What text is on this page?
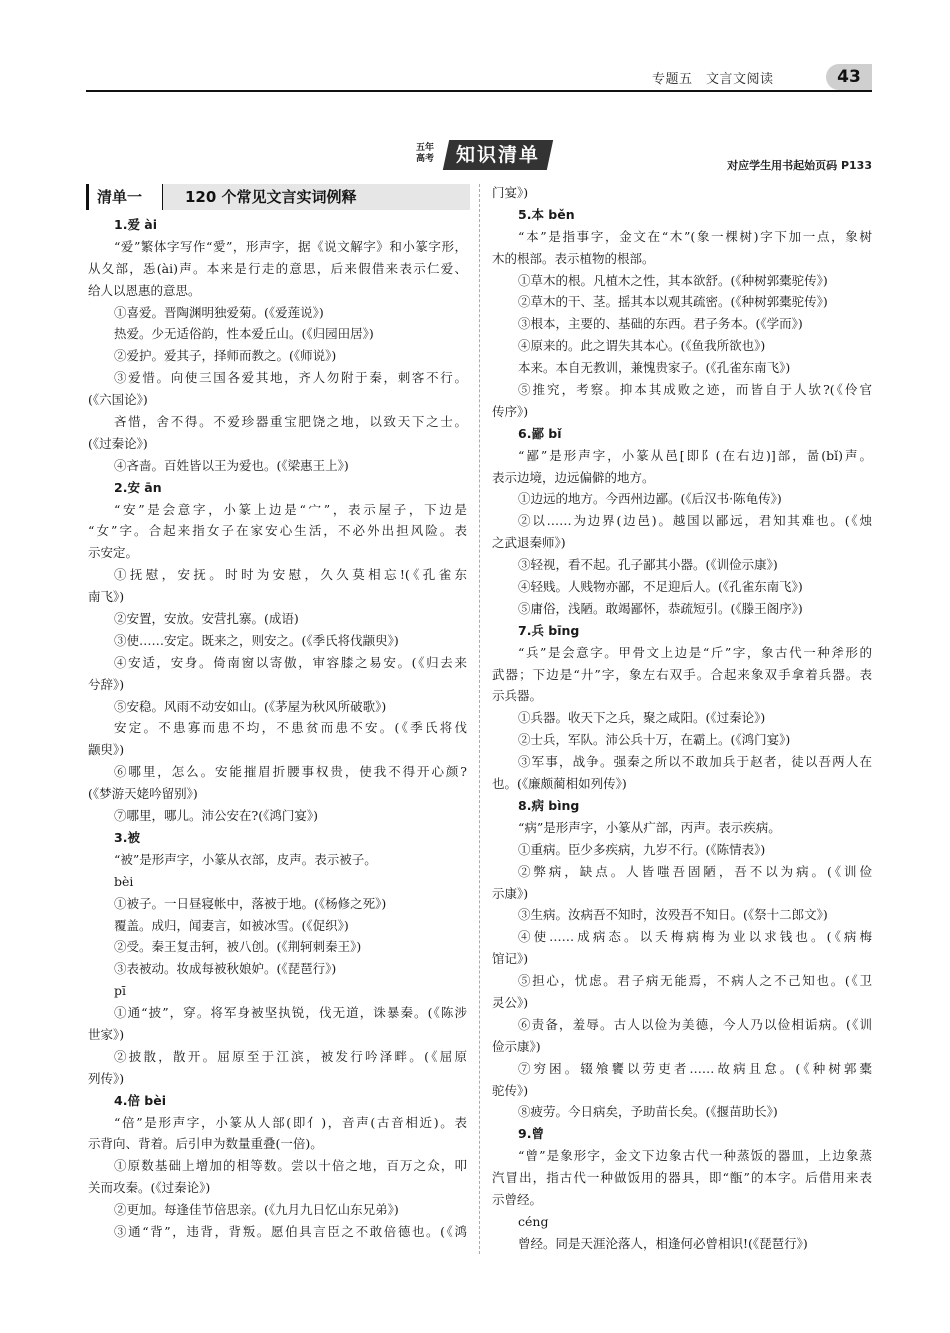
专题五　文言文阅读	43
五年
高考	知识清单	对应学生用书起始页码 P133
清单一	120 个常见文言实词例释
1.爱 ài
“爱”繁体字写作“愛”，形声字，据《说文解字》和小篆字形，
从夂部，㤅(ài)声。本来是行走的意思，后来假借来表示仁爱、
给人以恩惠的意思。
①喜爱。晋陶渊明独爱菊。(《爱莲说》)
热爱。少无适俗韵，性本爱丘山。(《归园田居》)
②爱护。爱其子，择师而教之。(《师说》)
③爱惜。向使三国各爱其地，齐人勿附于秦，刺客不行。
(《六国论》)
吝惜，舍不得。不爱珍器重宝肥饶之地，以致天下之士。
(《过秦论》)
④吝啬。百姓皆以王为爱也。(《梁惠王上》)
2.安 ān
“安”是会意字，小篆上边是“宀”，表示屋子，下边是
“女”字。合起来指女子在家安心生活，不必外出担风险。表
示安定。
①抚慰，安抚。时时为安慰，久久莫相忘!(《孔雀东
南飞》)
②安置，安放。安营扎寨。(成语)
③使……安定。既来之，则安之。(《季氏将伐颛臾》)
④安适，安身。倚南窗以寄傲，审容膝之易安。(《归去来
兮辞》)
⑤安稳。风雨不动安如山。(《茅屋为秋风所破歌》)
安定。不患寡而患不均，不患贫而患不安。(《季氏将伐
颛臾》)
⑥哪里，怎么。安能摧眉折腰事权贵，使我不得开心颜?
(《梦游天姥吟留别》)
⑦哪里，哪儿。沛公安在?(《鸿门宴》)
3.被
“被”是形声字，小篆从衣部，皮声。表示被子。
bèi
①被子。一日昼寝帐中，落被于地。(《杨修之死》)
覆盖。成归，闻妻言，如被冰雪。(《促织》)
②受。秦王复击轲，被八创。(《荆轲刺秦王》)
③表被动。妆成每被秋娘妒。(《琵琶行》)
pī
①通“披”，穿。将军身被坚执锐，伐无道，诛暴秦。(《陈涉
世家》)
②披散，散开。屈原至于江滨，被发行吟泽畔。(《屈原
列传》)
4.倍 bèi
“倍”是形声字，小篆从人部(即亻)，音声(古音相近)。表
示背向、背着。后引申为数量重叠(一倍)。
①原数基础上增加的相等数。尝以十倍之地，百万之众，叩
关而攻秦。(《过秦论》)
②更加。每逢佳节倍思亲。(《九月九日忆山东兄弟》)
③通“背”，违背，背叛。愿伯具言臣之不敢倍德也。(《鸿
门宴》)
5.本 běn
“本”是指事字，金文在“木”(象一棵树)字下加一点，象树
木的根部。表示植物的根部。
①草木的根。凡植木之性，其本欲舒。(《种树郭橐驼传》)
②草木的干、茎。摇其本以观其疏密。(《种树郭橐驼传》)
③根本，主要的、基础的东西。君子务本。(《学而》)
④原来的。此之谓失其本心。(《鱼我所欲也》)
本来。本自无教训，兼愧贵家子。(《孔雀东南飞》)
⑤推究，考察。抑本其成败之迹，而皆自于人欤?(《伶官
传序》)
6.鄙 bǐ
“鄙”是形声字，小篆从邑[即阝(在右边)]部，啚(bǐ)声。
表示边境，边远偏僻的地方。
①边远的地方。今西州边鄙。(《后汉书·陈龟传》)
②以……为边界(边邑)。越国以鄙远，君知其难也。(《烛
之武退秦师》)
③轻视，看不起。孔子鄙其小器。(《训俭示康》)
④轻贱。人贱物亦鄙，不足迎后人。(《孔雀东南飞》)
⑤庸俗，浅陋。敢竭鄙怀，恭疏短引。(《滕王阁序》)
7.兵 bīng
“兵”是会意字。甲骨文上边是“斤”字，象古代一种斧形的
武器；下边是“廾”字，象左右双手。合起来象双手拿着兵器。表
示兵器。
①兵器。收天下之兵，聚之咸阳。(《过秦论》)
②士兵，军队。沛公兵十万，在霸上。(《鸿门宴》)
③军事，战争。强秦之所以不敢加兵于赵者，徒以吾两人在
也。(《廉颇蔺相如列传》)
8.病 bìng
“病”是形声字，小篆从疒部，丙声。表示疾病。
①重病。臣少多疾病，九岁不行。(《陈情表》)
②弊病，缺点。人皆嗤吾固陋，吾不以为病。(《训俭
示康》)
③生病。汝病吾不知时，汝殁吾不知日。(《祭十二郎文》)
④使……成病态。以夭梅病梅为业以求钱也。(《病梅
馆记》)
⑤担心，忧虑。君子病无能焉，不病人之不己知也。(《卫
灵公》)
⑥责备，羞辱。古人以俭为美德，今人乃以俭相诟病。(《训
俭示康》)
⑦穷困。辍飧饔以劳吏者……故病且怠。(《种树郭橐
驼传》)
⑧疲劳。今日病矣，予助苗长矣。(《揠苗助长》)
9.曾
“曾”是象形字，金文下边象古代一种蒸饭的器皿，上边象蒸
汽冒出，指古代一种做饭用的器具，即“甑”的本字。后借用来表
示曾经。
céng
曾经。同是天涯沦落人，相逢何必曾相识!(《琵琶行》)
